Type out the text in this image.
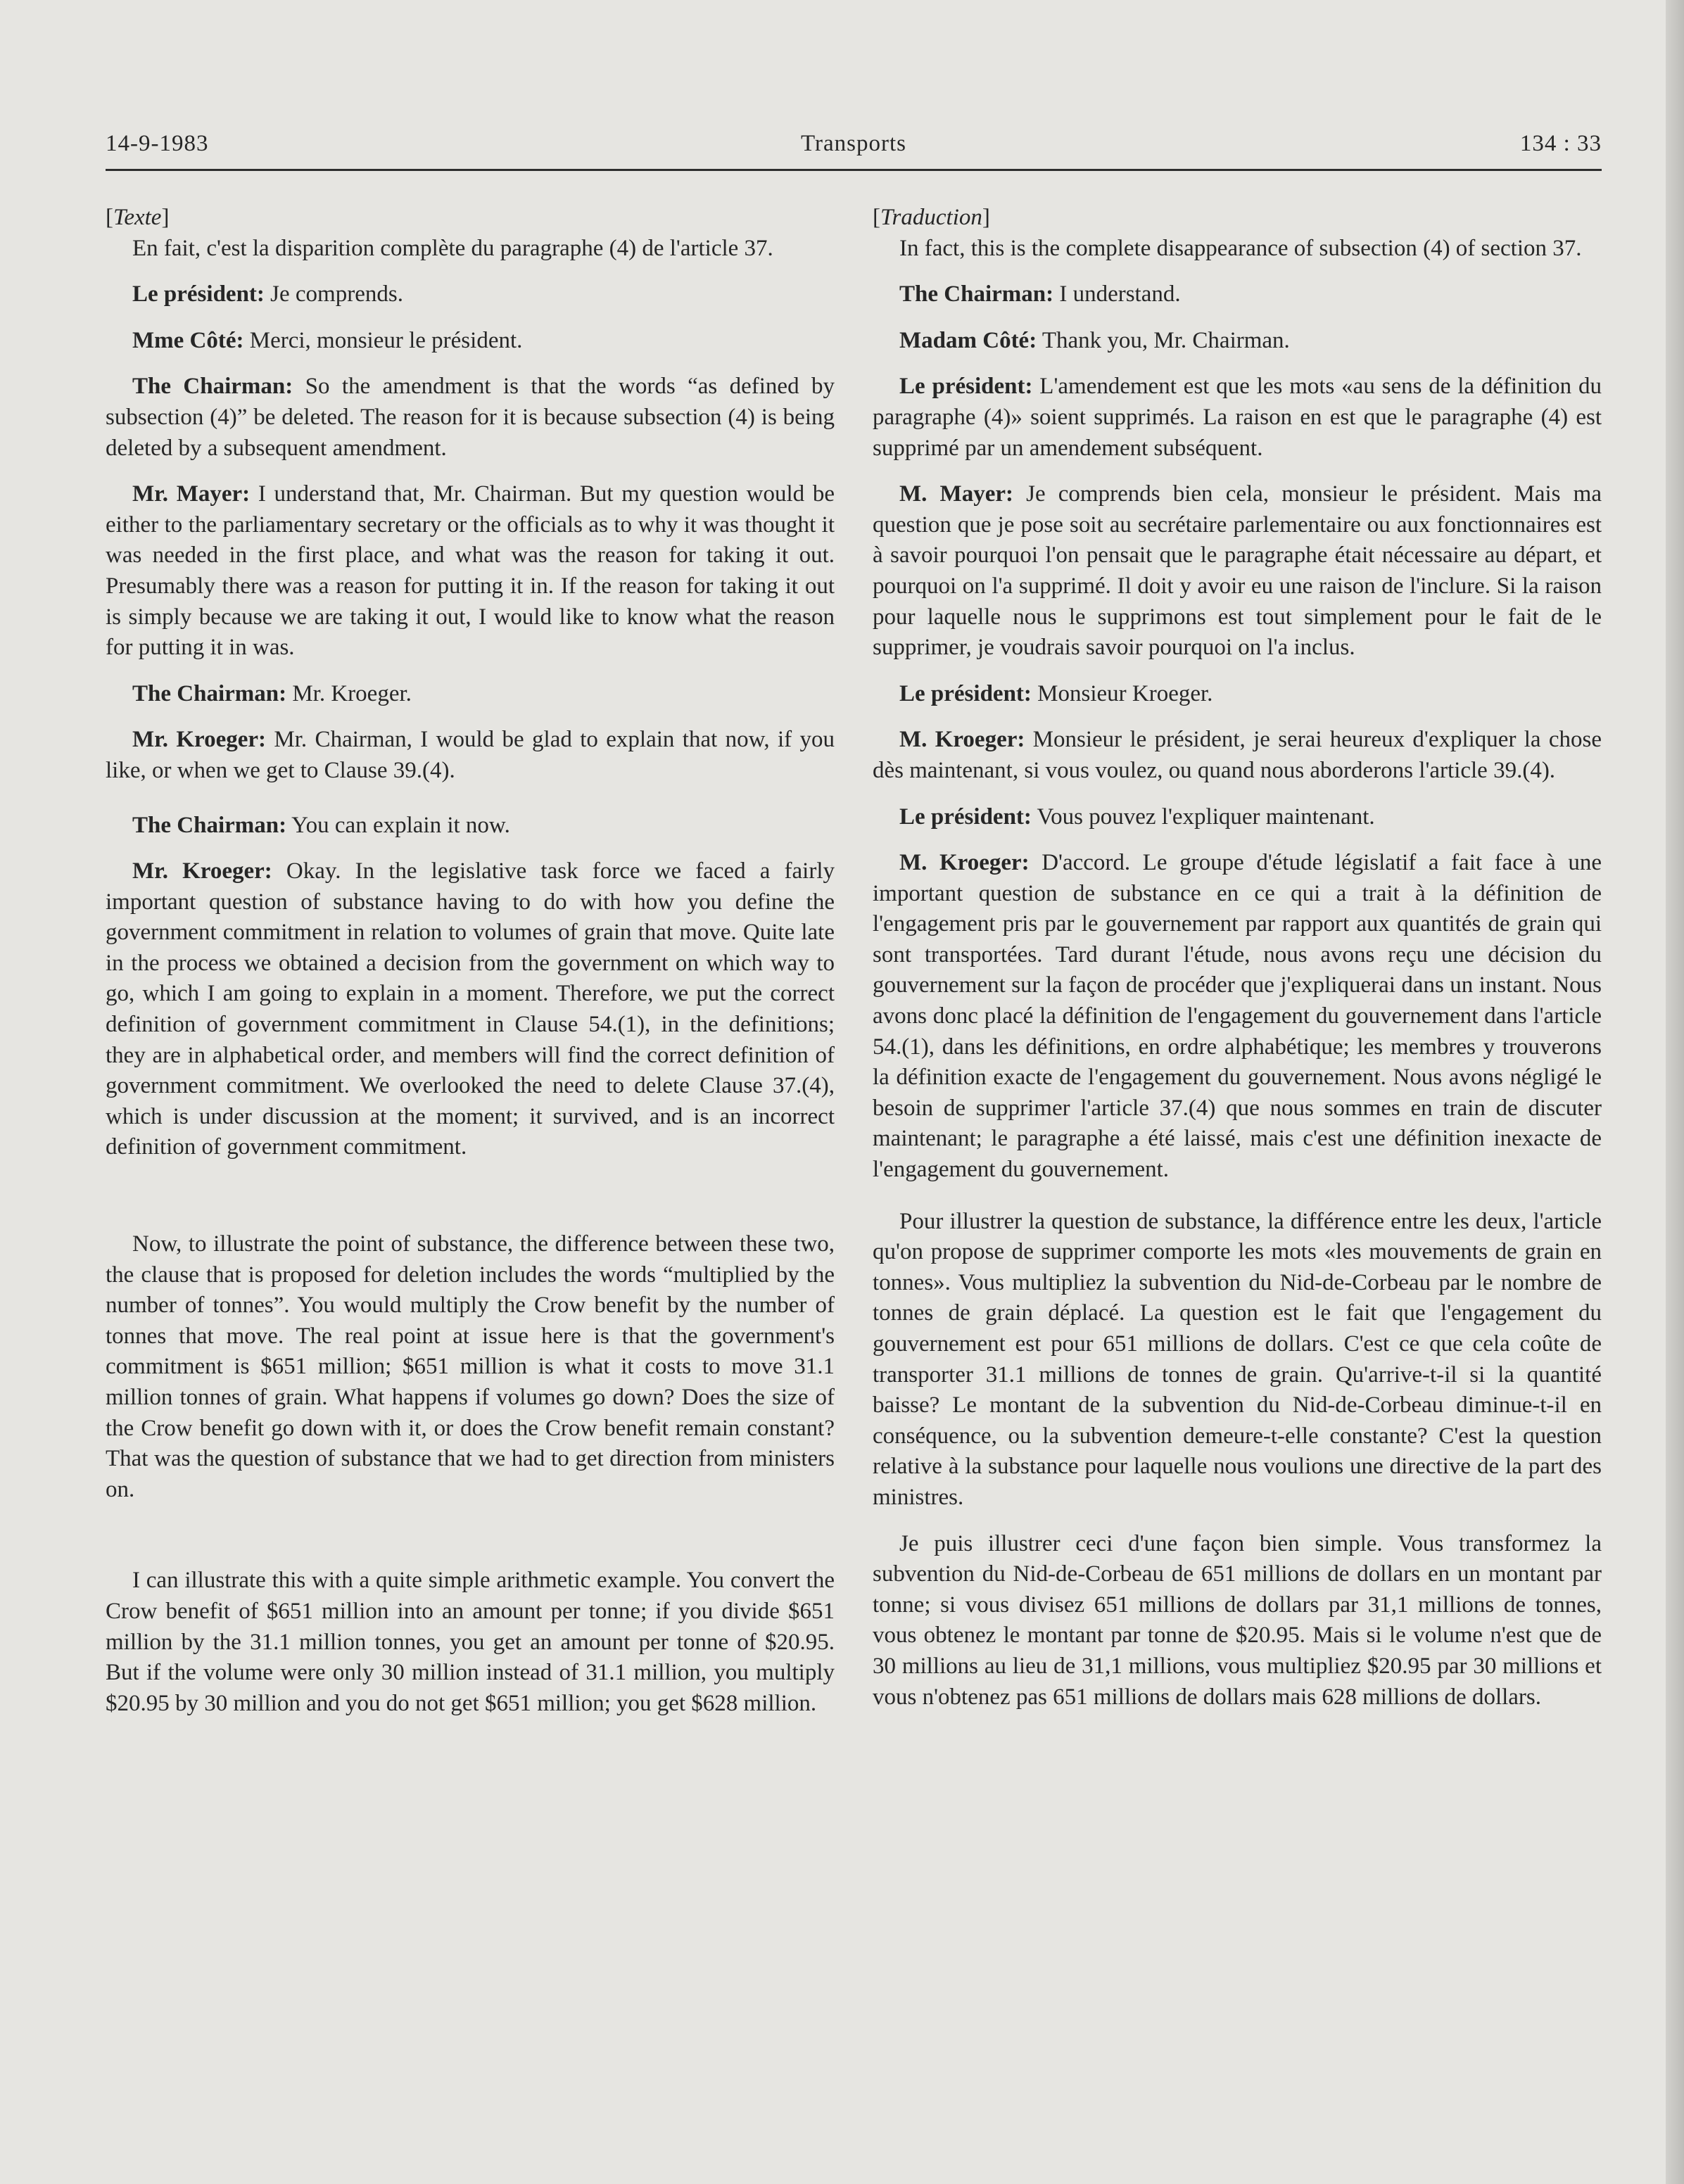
14-9-1983	Transports	134 : 33

[Texte]

En fait, c'est la disparition complète du paragraphe (4) de l'article 37.

Le président: Je comprends.

Mme Côté: Merci, monsieur le président.

The Chairman: So the amendment is that the words “as defined by subsection (4)” be deleted. The reason for it is because subsection (4) is being deleted by a subsequent amendment.

Mr. Mayer: I understand that, Mr. Chairman. But my question would be either to the parliamentary secretary or the officials as to why it was thought it was needed in the first place, and what was the reason for taking it out. Presumably there was a reason for putting it in. If the reason for taking it out is simply because we are taking it out, I would like to know what the reason for putting it in was.

The Chairman: Mr. Kroeger.

Mr. Kroeger: Mr. Chairman, I would be glad to explain that now, if you like, or when we get to Clause 39.(4).

The Chairman: You can explain it now.

Mr. Kroeger: Okay. In the legislative task force we faced a fairly important question of substance having to do with how you define the government commitment in relation to volumes of grain that move. Quite late in the process we obtained a decision from the government on which way to go, which I am going to explain in a moment. Therefore, we put the correct definition of government commitment in Clause 54.(1), in the definitions; they are in alphabetical order, and members will find the correct definition of government commitment. We overlooked the need to delete Clause 37.(4), which is under discussion at the moment; it survived, and is an incorrect definition of government commitment.

Now, to illustrate the point of substance, the difference between these two, the clause that is proposed for deletion includes the words “multiplied by the number of tonnes”. You would multiply the Crow benefit by the number of tonnes that move. The real point at issue here is that the government's commitment is $651 million; $651 million is what it costs to move 31.1 million tonnes of grain. What happens if volumes go down? Does the size of the Crow benefit go down with it, or does the Crow benefit remain constant? That was the question of substance that we had to get direction from ministers on.

I can illustrate this with a quite simple arithmetic example. You convert the Crow benefit of $651 million into an amount per tonne; if you divide $651 million by the 31.1 million tonnes, you get an amount per tonne of $20.95. But if the volume were only 30 million instead of 31.1 million, you multiply $20.95 by 30 million and you do not get $651 million; you get $628 million.

[Traduction]

In fact, this is the complete disappearance of subsection (4) of section 37.

The Chairman: I understand.

Madam Côté: Thank you, Mr. Chairman.

Le président: L'amendement est que les mots «au sens de la définition du paragraphe (4)» soient supprimés. La raison en est que le paragraphe (4) est supprimé par un amendement subséquent.

M. Mayer: Je comprends bien cela, monsieur le président. Mais ma question que je pose soit au secrétaire parlementaire ou aux fonctionnaires est à savoir pourquoi l'on pensait que le paragraphe était nécessaire au départ, et pourquoi on l'a supprimé. Il doit y avoir eu une raison de l'inclure. Si la raison pour laquelle nous le supprimons est tout simplement pour le fait de le supprimer, je voudrais savoir pourquoi on l'a inclus.

Le président: Monsieur Kroeger.

M. Kroeger: Monsieur le président, je serai heureux d'expliquer la chose dès maintenant, si vous voulez, ou quand nous aborderons l'article 39.(4).

Le président: Vous pouvez l'expliquer maintenant.

M. Kroeger: D'accord. Le groupe d'étude législatif a fait face à une important question de substance en ce qui a trait à la définition de l'engagement pris par le gouvernement par rapport aux quantités de grain qui sont transportées. Tard durant l'étude, nous avons reçu une décision du gouvernement sur la façon de procéder que j'expliquerai dans un instant. Nous avons donc placé la définition de l'engagement du gouvernement dans l'article 54.(1), dans les définitions, en ordre alphabétique; les membres y trouverons la définition exacte de l'engagement du gouvernement. Nous avons négligé le besoin de supprimer l'article 37.(4) que nous sommes en train de discuter maintenant; le paragraphe a été laissé, mais c'est une définition inexacte de l'engagement du gouvernement.

Pour illustrer la question de substance, la différence entre les deux, l'article qu'on propose de supprimer comporte les mots «les mouvements de grain en tonnes». Vous multipliez la subvention du Nid-de-Corbeau par le nombre de tonnes de grain déplacé. La question est le fait que l'engagement du gouvernement est pour 651 millions de dollars. C'est ce que cela coûte de transporter 31.1 millions de tonnes de grain. Qu'arrive-t-il si la quantité baisse? Le montant de la subvention du Nid-de-Corbeau diminue-t-il en conséquence, ou la subvention demeure-t-elle constante? C'est la question relative à la substance pour laquelle nous voulions une directive de la part des ministres.

Je puis illustrer ceci d'une façon bien simple. Vous transformez la subvention du Nid-de-Corbeau de 651 millions de dollars en un montant par tonne; si vous divisez 651 millions de dollars par 31,1 millions de tonnes, vous obtenez le montant par tonne de $20.95. Mais si le volume n'est que de 30 millions au lieu de 31,1 millions, vous multipliez $20.95 par 30 millions et vous n'obtenez pas 651 millions de dollars mais 628 millions de dollars.
